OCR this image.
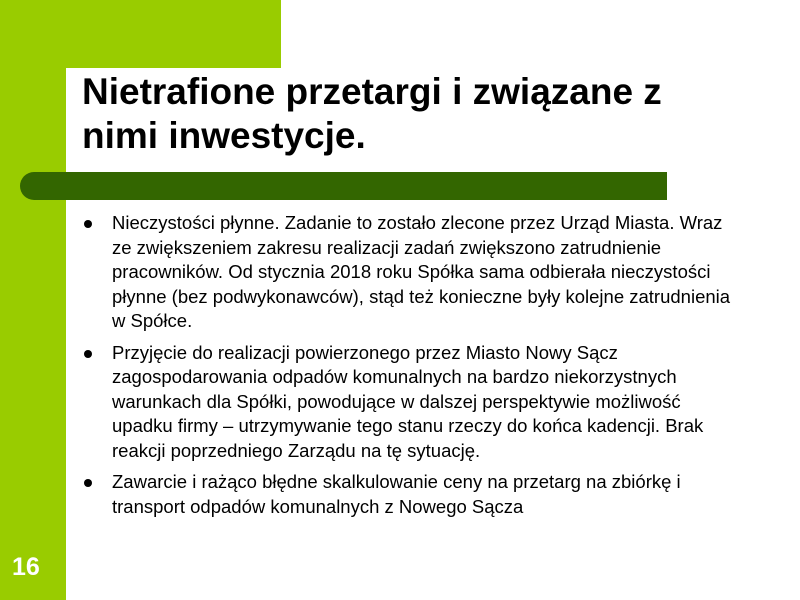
Nietrafione przetargi i związane z nimi inwestycje.
Nieczystości płynne. Zadanie to zostało zlecone przez Urząd Miasta. Wraz ze zwiększeniem zakresu realizacji zadań zwiększono zatrudnienie pracowników. Od stycznia 2018 roku Spółka sama odbierała nieczystości płynne (bez podwykonawców), stąd też konieczne były kolejne zatrudnienia w Spółce.
Przyjęcie do realizacji powierzonego przez Miasto Nowy Sącz zagospodarowania odpadów komunalnych na bardzo niekorzystnych warunkach dla Spółki, powodujące w dalszej perspektywie możliwość upadku firmy – utrzymywanie tego stanu rzeczy do końca kadencji. Brak reakcji poprzedniego Zarządu na tę sytuację.
Zawarcie i rażąco błędne skalkulowanie ceny na przetarg na zbiórkę i transport odpadów komunalnych z Nowego Sącza
16
